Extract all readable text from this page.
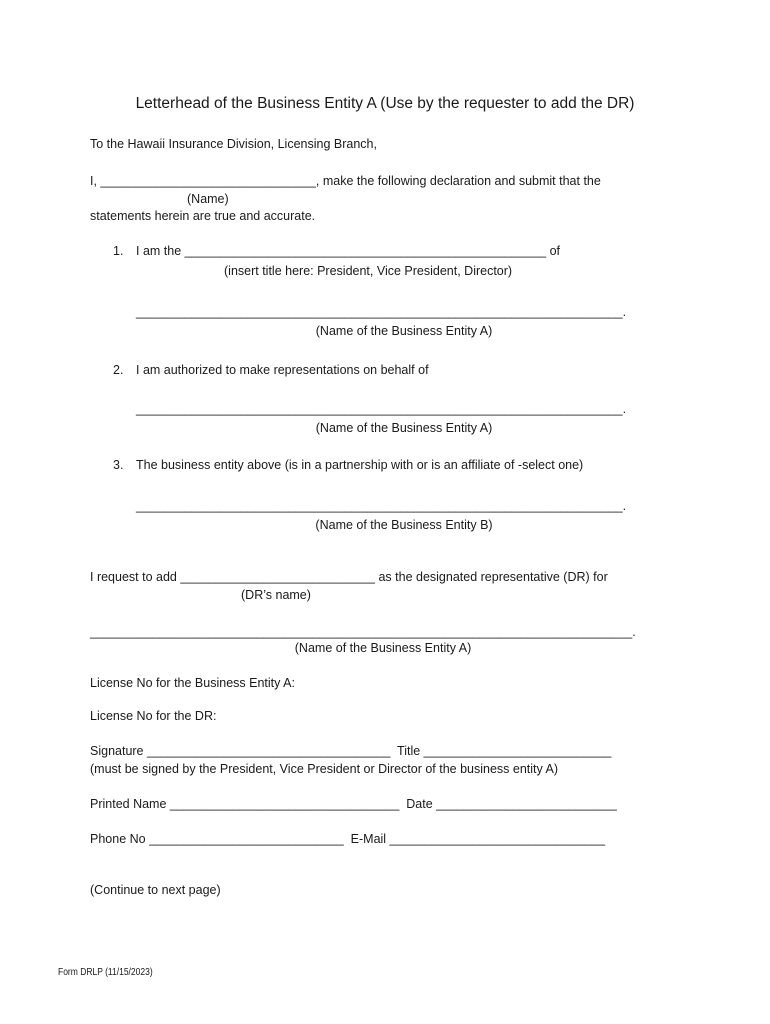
Letterhead of the Business Entity A (Use by the requester to add the DR)
To the Hawaii Insurance Division, Licensing Branch,
I, _______________________________, make the following declaration and submit that the
(Name)
statements herein are true and accurate.
1. I am the ____________________________________________________ of
(insert title here: President, Vice President, Director)
______________________________________________________________________.
(Name of the Business Entity A)
2. I am authorized to make representations on behalf of
______________________________________________________________________.
(Name of the Business Entity A)
3. The business entity above (is in a partnership with or is an affiliate of -select one)
______________________________________________________________________.
(Name of the Business Entity B)
I request to add ____________________________ as the designated representative (DR) for
(DR’s name)
______________________________________________________________________________.
(Name of the Business Entity A)
License No for the Business Entity A:
License No for the DR:
Signature ___________________________________  Title ___________________________
(must be signed by the President, Vice President or Director of the business entity A)
Printed Name _________________________________  Date __________________________
Phone No ____________________________  E-Mail _______________________________
(Continue to next page)
Form DRLP (11/15/2023)
